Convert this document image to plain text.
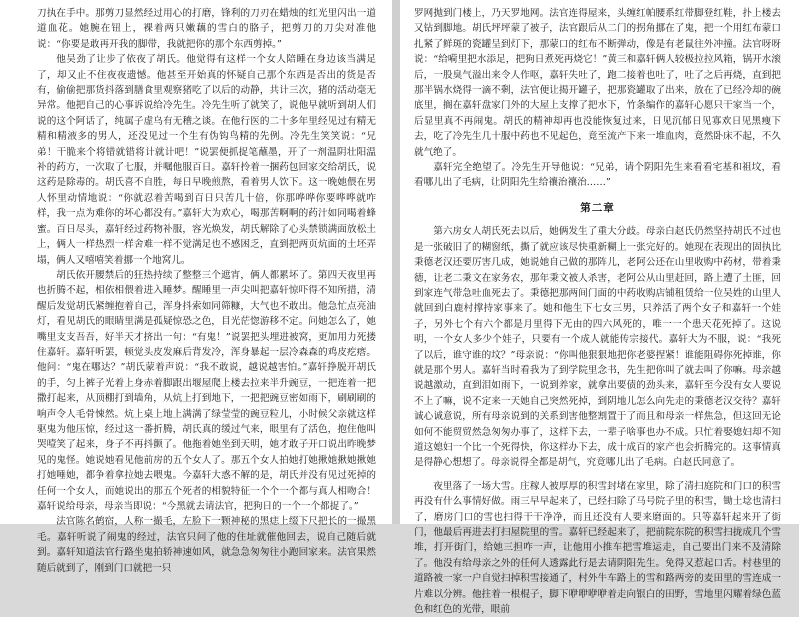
刀执在手中。那剪刀显然经过用心的打磨，锋利的刀刃在蜡烛的红光里闪出一道道血花。她腕在钮上，裸着两只嫩藕的雪白的胳子，把剪刀的刀尖对准他说：“你要是敢再开我的脚带，我就把你的那个东西剪掉。”

他吴劲了让步了依夜了胡氏。他觉得有这样一个女人陪睡在身边该当满足了，却又止不住夜夜遗憾。他甚至开始真的怀疑自己那个东西是否出的货是否有，偷偷把那货抖落到膳食里观察猪吃了以后的动静，共计三次，猪的活动毫无异常。他把自己的心事诉说给冷先生。冷先生听了就笑了，说他早就听到胡人们说的这个阿话了，纯属子虚乌有无稽之谈。在他行医的二十多年里经见过有精无精和精液多的男人，还没见过一个生有伪钩鸟精的先例。冷先生笑笑说：“兄弟！干脆来个将错就错将计就计吧！”说罢便抓捉笔蘸墨，开了一剂温阴壮阳温补的药方，一次取了七服，并嘱他服百日。嘉轩拎着一捆药包回家交给胡氏，说这药是除毒的。胡氏喜不自胜，每日早晚煎熬，看着男人饮下。这一晚她偎在男人怀里动情地说：“你就忍着苦喝到百日只苦几十倍，你那哗哗你要哗哗就咋样，我一点为难你的坏心都没有。”嘉轩大为欢心，喝那苦啊啊的药汁如同喝着蜂蜜。百日尽头，嘉轩经过药物补服，容光焕发，胡氏解除了心头禁锁满面放松土上，俩人一样热烈一样舍难一样不觉满足也不感困乏，直到把两页炕面的土坯弄塌，俩人又嘻嘻笑着挪一个地窝儿。

胡氏依开腰禁后的狂热持续了整整三个遮宵，俩人都累坏了。第四天夜里再也折腾不起，相依相偎着进入睡梦。醒睡里一声尖叫把嘉轩惊吓得不知所措，清醒后发觉胡氏紧缠抱着自己，浑身抖索如同筛糠，大气也不敢出。他急忙点亮油灯，看见胡氏的眼睛里满是孤疑惊恐之色，目光茫惚游移不定。问她怎么了，她嘴里支支吾吾，好半天才挤出一句：“有鬼！”说罢把头埋进被窝，更加用力死搂住嘉轩。嘉轩听罢，顿觉头皮发麻后背发冷，浑身暴起一层冷森森的鸡皮疙瘩。他问：“鬼在哪达？”胡氏蒙着声说：“我不敢说，越说越害怕。”嘉轩挣脱开胡氏的手，匀上裤子光着上身赤着脚跟出堰屋爬上楼去拉来半升豌豆，一把连着一把撒打起来，从顶棚打到墙角，从炕上打到地下，一把把豌豆密如雨下，刷刷刷的响声令人毛骨悚然。炕上桌上地上满满了绿莹莹的豌豆粒儿，小时候父亲就这样驱鬼为他压惊，经过这一番折腾，胡氏真的缓过气来，眼里有了活色，抱住他叫哭噎笑了起来，身子不再抖颤了。他拖着她坐到天明，她才敢子开口说出昨晚梦见的鬼怪。她说她看见他前房的五个女人了。那五个女人拍她打她揪她揪她揪她打她唾她，都争着拿拉她去喂鬼。今嘉轩大惑不解的是，胡氏并没有见过死掉的任何一个女人，而她说出的那五个死者的相貌特征一个个一个都与真人相吻合！嘉轩说给母亲，母亲当即说：“今黑就去请法官，把狗日的一个一个都捉了。”

法官陈名鹤宿，人称一撮毛，左脸下一颗神秘的黑痣上缀下尺把长的一撮黑毛。嘉轩听说了闹鬼的经过，法官只问了他的住址就催他回去，说自己随后就到。嘉轩知道法官行路坐鬼拍轿神速如风，就急急匆匆往小跑回家来。法官果然随后就到了，刚到门口就把一只

罗网抛到门楼上，乃天罗地网。法官连得屋来，头缠红帕腰系红带脚登红鞋，扑上楼去又钻到脚地。胡氏坪坪蒙了被子，法官跟后从二门的拐角挪在了鬼，把一个用红布蒙口扎紧了鲜斑的瓷罐呈到灯下，那蒙口的红布不断弹动，像是有老鼠往外冲撞。法官呀呀说：“给嗬里把水添足，把狗日煮死再烧它！”黄三和嘉轩俩人较极拉拉风箱，锅开水滚后，一股臭气溢出来令人作呕，嘉轩失吐了，跑二接着也吐了，吐了之后再烧，直到把那半锅水烧得一滴不剩，法官便让揭开罐子，把那瓷罐取了出来，放在了已经冷却的碗底里，搁在嘉轩盘家门外的大屋上支撑了把水下，竹条编作的嘉轩心愿只干家当一个，后显里真不再闹鬼。胡氏的精神却再也没能恢复过来，日见沉郁日见寡欢日见黑瘦下去，吃了冷先生几十服中药也不见起色，竟至流产下来一堆血肉，竟然卧床不起，不久就气绝了。

嘉轩完全绝望了。冷先生开导他说：“兄弟，请个阴阳先生来看看宅基和祖坟，看看哪儿出了毛病，让阴阳先生给禳治禳治……”

第二章

第六房女人胡氏死去以后，她俩发生了重大分歧。母亲白赵氏仍然坚持胡氏不过也是一张破旧了的糊窗纸，撕了就应该尽快重新糊上一张完好的。她现在表现出的固执比秉德老汉还要厉害几成，她说她自己做的那阵儿，老阿公还在山里收购中药材，带着秉德，让老二秉文在家务农，那年秉文被人杀害，老阿公从山里赶回，路上遭了土匪，回到家连气带急吐血死去了。秉德把那两间门面的中药收购店铺租赁给一位吴姓的山里人就回到白鹿村撑持家事来了。她和他生下七女三男，只养活了两个女子和嘉轩一个娃子，另外七个有六个都是月里得下无由的四六风死的，唯一一个患天花死掉了。这说明，一个女人多少个娃子，只要有一个成人就能传宗接代。嘉轩大为不服，说：“我死了以后，谁守谁的坟？”母亲说：“你叫他狠狠地把你老婆捏紧！谁能阻碍你死掉谁，你就是那个男人。嘉轩当时看我为了到学院里念书，先生把你叫了就去叫了你嘛。母亲越说越激动，直到泪如雨下，一说到养家，就拿出要债的劲头来，嘉轩至今没有女人要说不上了嘛，说不定来一天她自己突然死掉，到阴地儿怎么向先走的秉德老汉交待？嘉轩诚心诚意说，所有母亲说到的关系到害他整割置于了而且和母亲一样焦急，但这回无论如何不能贸贸然急匆匆办事了，这样下去，一辈子啥事也办不成。只忙着娶媳妇却不知道这媳妇一个比一个死得快，你这样办下去，成十成百的家产也会折腾完的。这事情真是得静心想想了。母亲说得全都是胡气，究竟哪儿出了毛病。白赵氏同意了。

夜里落了一场大雪。庄稼人被厚厚的积雪封堵在家里，除了清扫庭院和门口的积雪再没有什么事情好做。雨三早早起来了，已经扫除了马号院子里的积雪，锄土埝也清扫了，磨房门口的雪也扫得干干净净，而且还没有人要来磨面的。只等嘉轩起来开了街门，他最后再进去打扫屋院里的雪。嘉轩已经起来了，把前院东院的积雪扫拢成几个雪堆，打开街门，给她三担咋一声，让他用小推车把雪堆运走，自己要出门来不及清除了。他没有给母亲之外的任何人透露此行是去请阴阳先生。免得又惹起口舌。村巷里的道路被一家一户自觉扫掉积雪接通了，村外牛车路上的雪和路两旁的麦田里的雪连成一片难以分辨。他拄着一根棍子，脚下咿咿咿咿着走向银白的田野，雪地里闪耀着绿色蓝色和红色的光带，眼前
